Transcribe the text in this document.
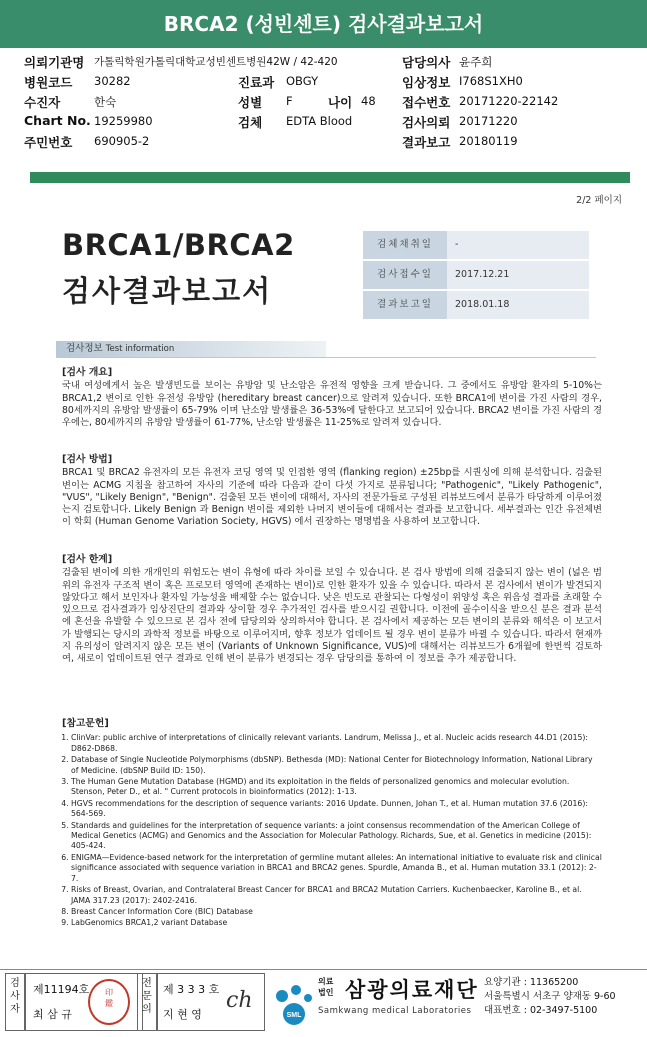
BRCA2 (성빈센트) 검사결과보고서
의뢰기관명 가톨릭학원가톨릭대학교성빈센트병원42W / 42-420	담당의사 윤주희
병원코드 30282	진료과 OBGY	임상정보 I768S1XH0
수진자	한숙	성별 F	나이 48 접수번호 20171220-22142
Chart No. 19259980	검체 EDTA Blood	검사의뢰 20171220
주민번호 690905-2	결과보고 20180119
2/2 페이지
BRCA1/BRCA2
검사결과보고서
검체채취일	-
검사접수일	2017.12.21
결과보고일	2018.01.18
검사정보 Test information
[검사 개요]

국내 여성에게서 높은 발생빈도를 보이는 유방암 및 난소암은 유전적 영향을 크게 받습니다. 그 중에서도 유방암 환자의 5-10%는 BRCA1,2 변이로 인한 유전성 유방암 (hereditary breast cancer)으로 알려져 있습니다. 또한 BRCA1에 변이를 가진 사람의 경우, 80세까지의 유방암 발생률이 65-79% 이며 난소암 발생률은 36-53%에 달한다고 보고되어 있습니다. BRCA2 변이를 가진 사람의 경우에는, 80세까지의 유방암 발생률이 61-77%, 난소암 발생률은 11-25%로 알려져 있습니다.

[검사 방법]

BRCA1 및 BRCA2 유전자의 모든 유전자 코딩 영역 및 인접한 영역 (flanking region) ±25bp를 시퀀싱에 의해 분석합니다. 검출된 변이는 ACMG 지침을 참고하여 자사의 기준에 따라 다음과 같이 다섯 가지로 분류됩니다; "Pathogenic", "Likely Pathogenic", "VUS", "Likely Benign", "Benign". 검출된 모든 변이에 대해서, 자사의 전문가들로 구성된 리뷰보드에서 분류가 타당하게 이루어졌는지 검토합니다. Likely Benign 과 Benign 변이를 제외한 나머지 변이들에 대해서는 결과를 보고합니다. 세부결과는 인간 유전체변이 학회 (Human Genome Variation Society, HGVS) 에서 권장하는 명명법을 사용하여 보고합니다.

[검사 한계]

검출된 변이에 의한 개개인의 위험도는 변이 유형에 따라 차이를 보일 수 있습니다. 본 검사 방법에 의해 검출되지 않는 변이 (넓은 범위의 유전자 구조적 변이 혹은 프로모터 영역에 존재하는 변이)로 인한 환자가 있을 수 있습니다. 따라서 본 검사에서 변이가 발견되지 않았다고 해서 보인자나 환자일 가능성을 배제할 수는 없습니다. 낮은 빈도로 관찰되는 다형성이 위양성 혹은 위음성 결과를 초래할 수 있으므로 검사결과가 임상진단의 결과와 상이할 경우 추가적인 검사를 받으시길 권합니다. 이전에 골수이식을 받으신 분은 결과 분석에 혼선을 유발할 수 있으므로 본 검사 전에 담당의와 상의하셔야 합니다. 본 검사에서 제공하는 모든 변이의 분류와 해석은 이 보고서가 발행되는 당시의 과학적 정보를 바탕으로 이루어지며, 향후 정보가 업데이트 될 경우 변이 분류가 바뀔 수 있습니다. 따라서 현재까지 유의성이 알려지지 않은 모든 변이 (Variants of Unknown Significance, VUS)에 대해서는 리뷰보드가 6개월에 한번씩 검토하여, 새로이 업데이트된 연구 결과로 인해 변이 분류가 변경되는 경우 담당의를 통하여 이 정보를 추가 제공합니다.

[참고문헌]
1. ClinVar: public archive of interpretations of clinically relevant variants. Landrum, Melissa J., et al. Nucleic acids research 44.D1 (2015): D862-D868.
2. Database of Single Nucleotide Polymorphisms (dbSNP). Bethesda (MD): National Center for Biotechnology Information, National Library of Medicine. (dbSNP Build ID: 150).
3. The Human Gene Mutation Database (HGMD) and its exploitation in the fields of personalized genomics and molecular evolution. Stenson, Peter D., et al. " Current protocols in bioinformatics (2012): 1-13.
4. HGVS recommendations for the description of sequence variants: 2016 Update. Dunnen, Johan T., et al. Human mutation 37.6 (2016): 564-569.
5. Standards and guidelines for the interpretation of sequence variants: a joint consensus recommendation of the American College of Medical Genetics (ACMG) and Genomics and the Association for Molecular Pathology. Richards, Sue, et al. Genetics in medicine (2015): 405-424.
6. ENIGMA—Evidence-based network for the interpretation of germline mutant alleles: An international initiative to evaluate risk and clinical significance associated with sequence variation in BRCA1 and BRCA2 genes. Spurdle, Amanda B., et al. Human mutation 33.1 (2012): 2-7.
7. Risks of Breast, Ovarian, and Contralateral Breast Cancer for BRCA1 and BRCA2 Mutation Carriers. Kuchenbaecker, Karoline B., et al. JAMA 317.23 (2017): 2402-2416.
8. Breast Cancer Information Core (BIC) Database
9. LabGenomics BRCA1,2 variant Database
검사자
제11194호
최 삼 규
印
鑑
전문의
제 3 3 3 호
지 현 영
ch
SML
의료
법인 삼광의료재단
Samkwang medical Laboratories
요양기관 : 11365200
서울특별시 서초구 양재동 9-60
대표번호 : 02-3497-5100
